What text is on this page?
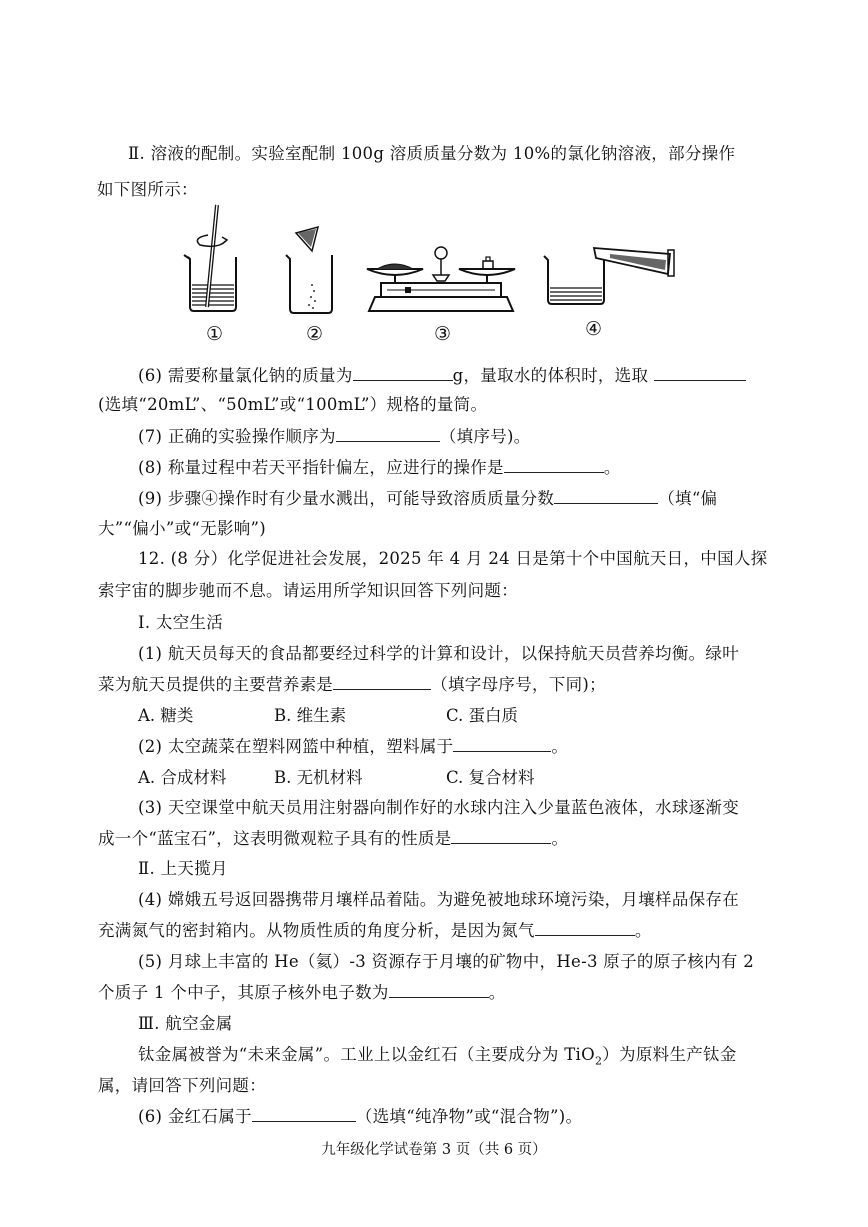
Ⅱ. 溶液的配制。实验室配制 100g 溶质质量分数为 10%的氯化钠溶液，部分操作
如下图所示：
①	②	③	④
(6) 需要称量氯化钠的质量为	g，量取水的体积时，选取
(选填“20mL”、“50mL”或“100mL”）规格的量筒。
(7) 正确的实验操作顺序为	（填序号)。
(8) 称量过程中若天平指针偏左，应进行的操作是	。
(9) 步骤④操作时有少量水溅出，可能导致溶质质量分数	（填“偏
大”“偏小”或“无影响”)
12. (8 分）化学促进社会发展，2025 年 4 月 24 日是第十个中国航天日，中国人探
索宇宙的脚步驰而不息。请运用所学知识回答下列问题：
Ⅰ. 太空生活
(1) 航天员每天的食品都要经过科学的计算和设计，以保持航天员营养均衡。绿叶
菜为航天员提供的主要营养素是	（填字母序号，下同)；
A. 糖类	B. 维生素	C. 蛋白质
(2) 太空蔬菜在塑料网篮中种植，塑料属于	。
A. 合成材料	B. 无机材料	C. 复合材料
(3) 天空课堂中航天员用注射器向制作好的水球内注入少量蓝色液体，水球逐渐变
成一个“蓝宝石”，这表明微观粒子具有的性质是	。
Ⅱ. 上天揽月
(4) 嫦娥五号返回器携带月壤样品着陆。为避免被地球环境污染，月壤样品保存在
充满氮气的密封箱内。从物质性质的角度分析，是因为氮气	。
(5) 月球上丰富的 He（氦）-3 资源存于月壤的矿物中，He-3 原子的原子核内有 2
个质子 1 个中子，其原子核外电子数为	。
Ⅲ. 航空金属
钛金属被誉为“未来金属”。工业上以金红石（主要成分为 TiO$_2$）为原料生产钛金
属，请回答下列问题：
(6) 金红石属于	（选填“纯净物”或“混合物”)。
九年级化学试卷第 3 页（共 6 页）
